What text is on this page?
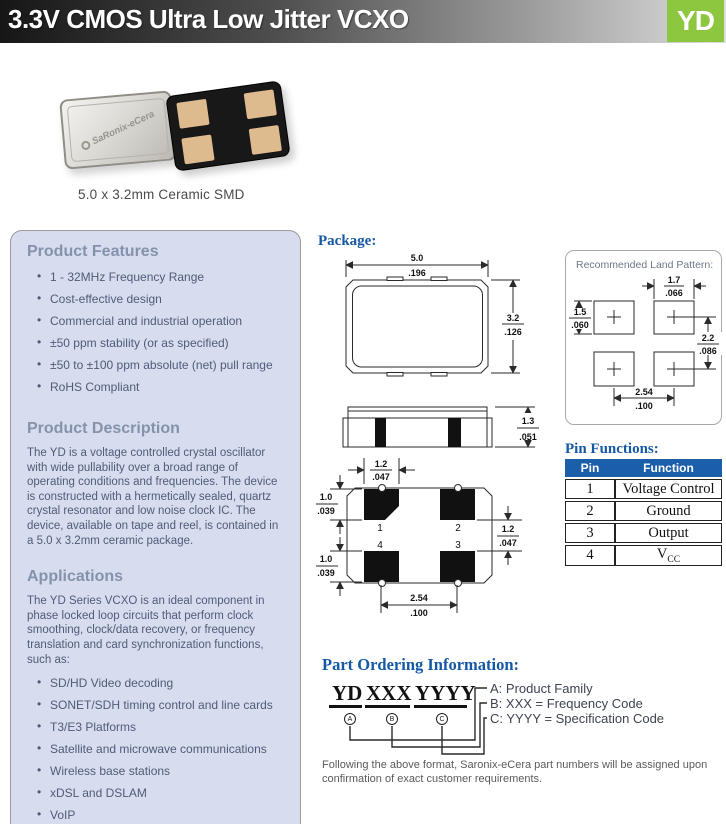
3.3V CMOS Ultra Low Jitter VCXO	YD
SaRonix-eCera
5.0 x 3.2mm Ceramic SMD
Product Features
• 1 - 32MHz Frequency Range
• Cost-effective design
• Commercial and industrial operation
• ±50 ppm stability (or as specified)
• ±50 to ±100 ppm absolute (net) pull range
• RoHS Compliant
Product Description

The YD is a voltage controlled crystal oscillator with wide pullability over a broad range of operating conditions and frequencies. The device is constructed with a hermetically sealed, quartz crystal resonator and low noise clock IC. The device, available on tape and reel, is contained in a 5.0 x 3.2mm ceramic package.

Applications

The YD Series VCXO is an ideal component in phase locked loop circuits that perform clock smoothing, clock/data recovery, or frequency translation and card synchronization functions, such as:

• SD/HD Video decoding
• SONET/SDH timing control and line cards
• T3/E3 Platforms
• Satellite and microwave communications
• Wireless base stations
• xDSL and DSLAM
• VoIP
Package:
5.0
.196
3.2
.126
1.3
.051
1	2
4	3
1.2
.047
1.0
.039
1.0
.039
1.2
.047
2.54
.100
Recommended Land Pattern:
1.7
.066
1.5
.060
2.2
.086
2.54
.100
Pin Functions:
Pin	Function
1	Voltage Control
2	Ground
3	Output
4	$V_{CC}$
Part Ordering Information:
YD XXX YYYY
A	B	C
A: Product Family
B: XXX = Frequency Code
C: YYYY = Specification Code
Following the above format, Saronix-eCera part numbers will be assigned upon confirmation of exact customer requirements.
